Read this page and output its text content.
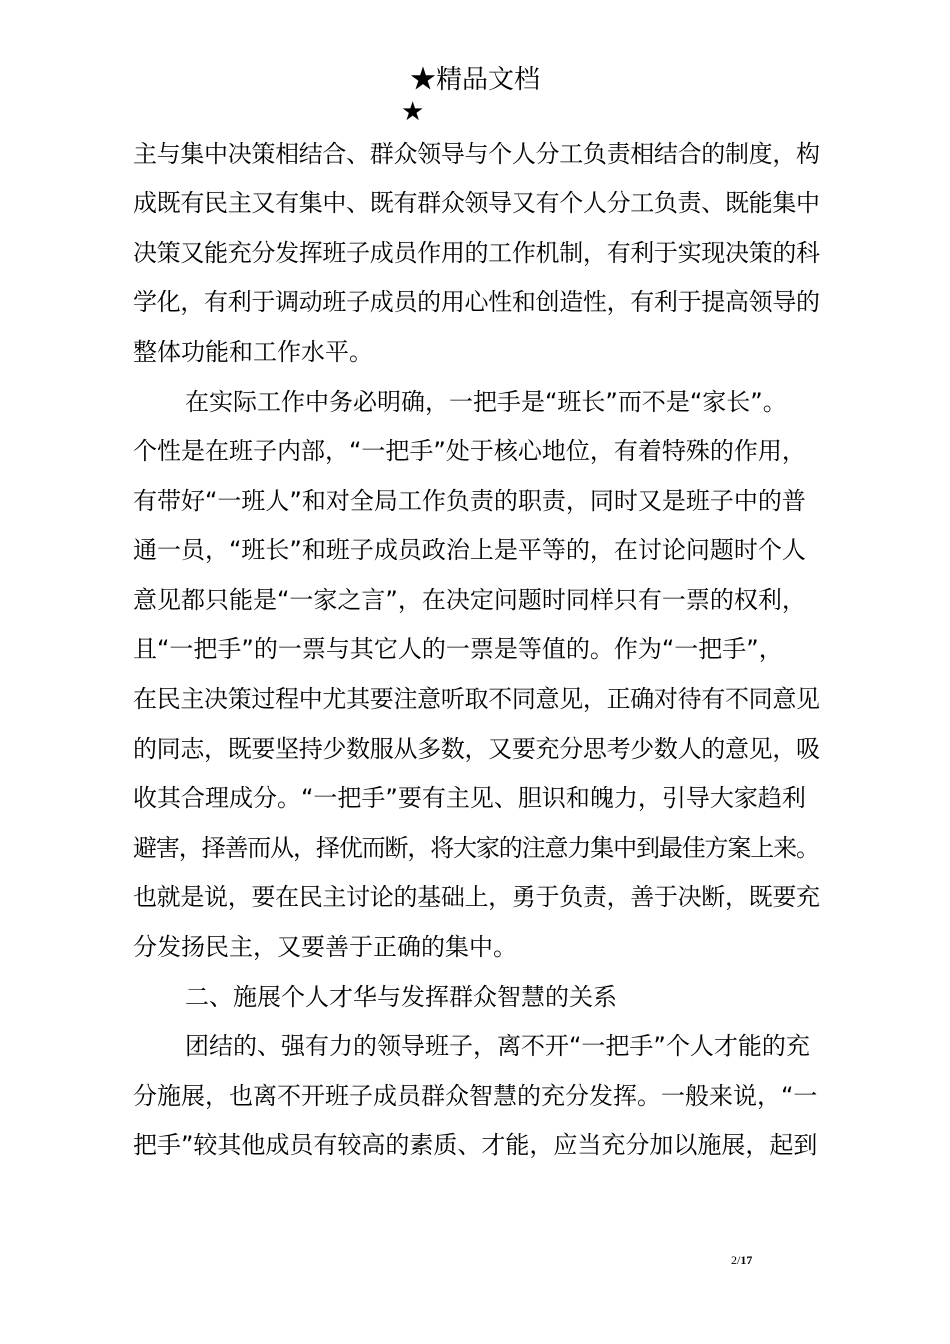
★精品文档
★
主与集中决策相结合、群众领导与个人分工负责相结合的制度，构
成既有民主又有集中、既有群众领导又有个人分工负责、既能集中
决策又能充分发挥班子成员作用的工作机制，有利于实现决策的科
学化，有利于调动班子成员的用心性和创造性，有利于提高领导的
整体功能和工作水平。
在实际工作中务必明确，一把手是“班长”而不是“家长”。
个性是在班子内部，“一把手”处于核心地位，有着特殊的作用，
有带好“一班人”和对全局工作负责的职责，同时又是班子中的普
通一员，“班长”和班子成员政治上是平等的，在讨论问题时个人
意见都只能是“一家之言”，在决定问题时同样只有一票的权利，
且“一把手”的一票与其它人的一票是等值的。作为“一把手”，
在民主决策过程中尤其要注意听取不同意见，正确对待有不同意见
的同志，既要坚持少数服从多数，又要充分思考少数人的意见，吸
收其合理成分。“一把手”要有主见、胆识和魄力，引导大家趋利
避害，择善而从，择优而断，将大家的注意力集中到最佳方案上来。
也就是说，要在民主讨论的基础上，勇于负责，善于决断，既要充
分发扬民主，又要善于正确的集中。
二、施展个人才华与发挥群众智慧的关系
团结的、强有力的领导班子，离不开“一把手”个人才能的充
分施展，也离不开班子成员群众智慧的充分发挥。一般来说，“一
把手”较其他成员有较高的素质、才能，应当充分加以施展，起到
2/17
